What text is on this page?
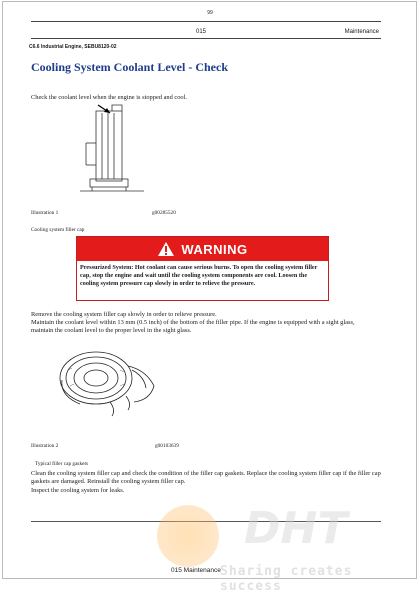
99
015	Maintenance
C6.6 Industrial Engine, SEBU8120-02
Cooling System Coolant Level - Check
Check the coolant level when the engine is stopped and cool.
Illustration 1	g00285520
Cooling system filler cap
WARNING
Pressurized System: Hot coolant can cause serious burns. To open the cooling system filler cap, stop the engine and wait until the cooling system components are cool. Loosen the cooling system pressure cap slowly in order to relieve the pressure.
Remove the cooling system filler cap slowly in order to relieve pressure.
Maintain the coolant level within 13 mm (0.5 inch) of the bottom of the filler pipe. If the engine is equipped with a sight glass, maintain the coolant level to the proper level in the sight glass.
Illustration 2	g00103639
Typical filler cap gaskets
Clean the cooling system filler cap and check the condition of the filler cap gaskets. Replace the cooling system filler cap if the filler cap gaskets are damaged. Reinstall the cooling system filler cap.
Inspect the cooling system for leaks.
DHT
015 Maintenance Sharing creates success
